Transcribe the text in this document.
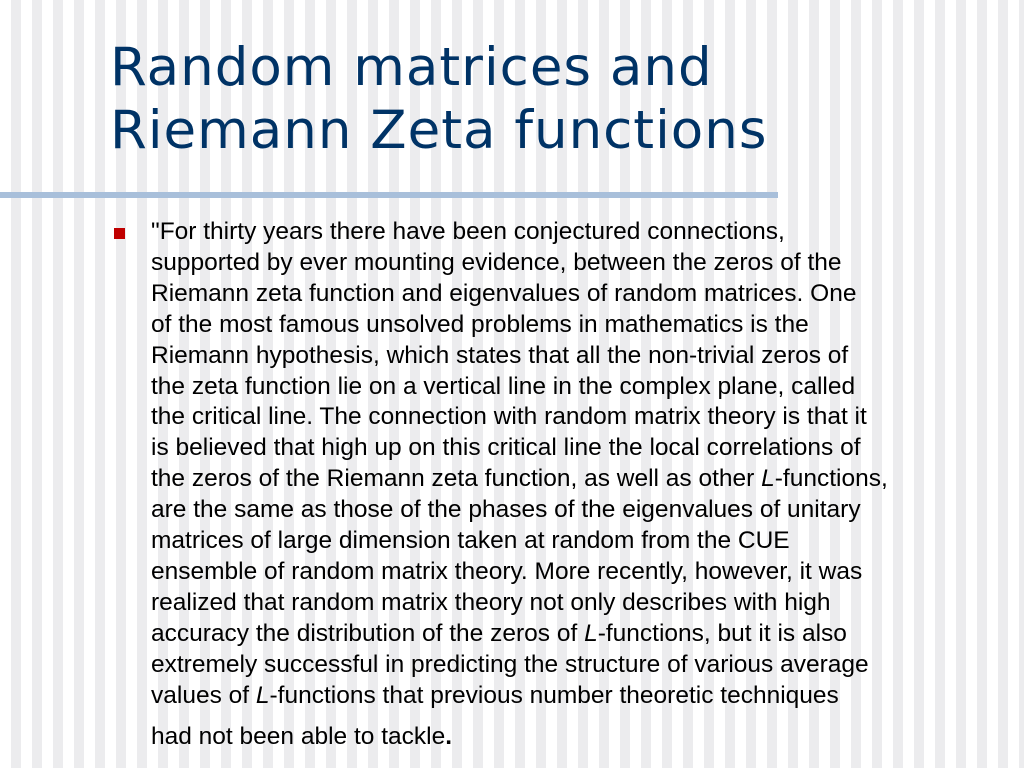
Random matrices and
Riemann Zeta functions
"For thirty years there have been conjectured connections,
supported by ever mounting evidence, between the zeros of the
Riemann zeta function and eigenvalues of random matrices. One
of the most famous unsolved problems in mathematics is the
Riemann hypothesis, which states that all the non-trivial zeros of
the zeta function lie on a vertical line in the complex plane, called
the critical line. The connection with random matrix theory is that it
is believed that high up on this critical line the local correlations of
the zeros of the Riemann zeta function, as well as other L-functions,
are the same as those of the phases of the eigenvalues of unitary
matrices of large dimension taken at random from the CUE
ensemble of random matrix theory. More recently, however, it was
realized that random matrix theory not only describes with high
accuracy the distribution of the zeros of L-functions, but it is also
extremely successful in predicting the structure of various average
values of L-functions that previous number theoretic techniques
had not been able to tackle.
